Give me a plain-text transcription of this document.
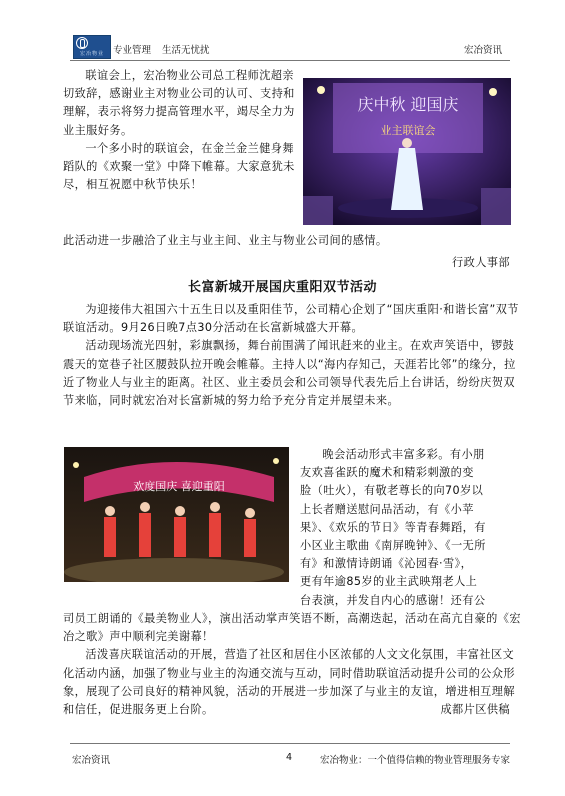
宏冶物业 专业管理 生活无忧扰	宏冶资讯

联谊会上，宏冶物业公司总工程师沈超亲切致辞，感谢业主对物业公司的认可、支持和理解，表示将努力提高管理水平，竭尽全力为业主服好务。

一个多小时的联谊会，在金兰金兰健身舞蹈队的《欢聚一堂》中降下帷幕。大家意犹未尽，相互祝愿中秋节快乐！

此活动进一步融洽了业主与业主间、业主与物业公司间的感情。
行政人事部
庆中秋 迎国庆
业主联谊会
长富新城开展国庆重阳双节活动

为迎接伟大祖国六十五生日以及重阳佳节，公司精心企划了“国庆重阳·和谐长富”双节联谊活动。9月26日晚7点30分活动在长富新城盛大开幕。

活动现场流光四射，彩旗飘扬，舞台前围满了闻讯赶来的业主。在欢声笑语中，锣鼓震天的宽巷子社区腰鼓队拉开晚会帷幕。主持人以“海内存知己，天涯若比邻”的缘分，拉近了物业人与业主的距离。社区、业主委员会和公司领导代表先后上台讲话，纷纷庆贺双节来临，同时就宏冶对长富新城的努力给予充分肯定并展望未来。

欢度国庆 喜迎重阳
晚会活动形式丰富多彩。有小朋
友欢喜雀跃的魔术和精彩刺激的变
脸（吐火），有敬老尊长的向70岁以
上长者赠送慰问品活动，有《小苹
果》、《欢乐的节日》等青春舞蹈，有
小区业主歌曲《南屏晚钟》、《一无所
有》和激情诗朗诵《沁园春·雪》，
更有年逾85岁的业主武映翔老人上
台表演，并发自内心的感谢！还有公

司员工朗诵的《最美物业人》，演出活动掌声笑语不断，高潮迭起，活动在高亢自豪的《宏冶之歌》声中顺利完美谢幕！

活泼喜庆联谊活动的开展，营造了社区和居住小区浓郁的人文文化氛围，丰富社区文化活动内涵，加强了物业与业主的沟通交流与互动，同时借助联谊活动提升公司的公众形象，展现了公司良好的精神风貌，活动的开展进一步加深了与业主的友谊，增进相互理解和信任，促进服务更上台阶。	成都片区供稿
宏冶资讯	4	宏冶物业：一个值得信赖的物业管理服务专家
